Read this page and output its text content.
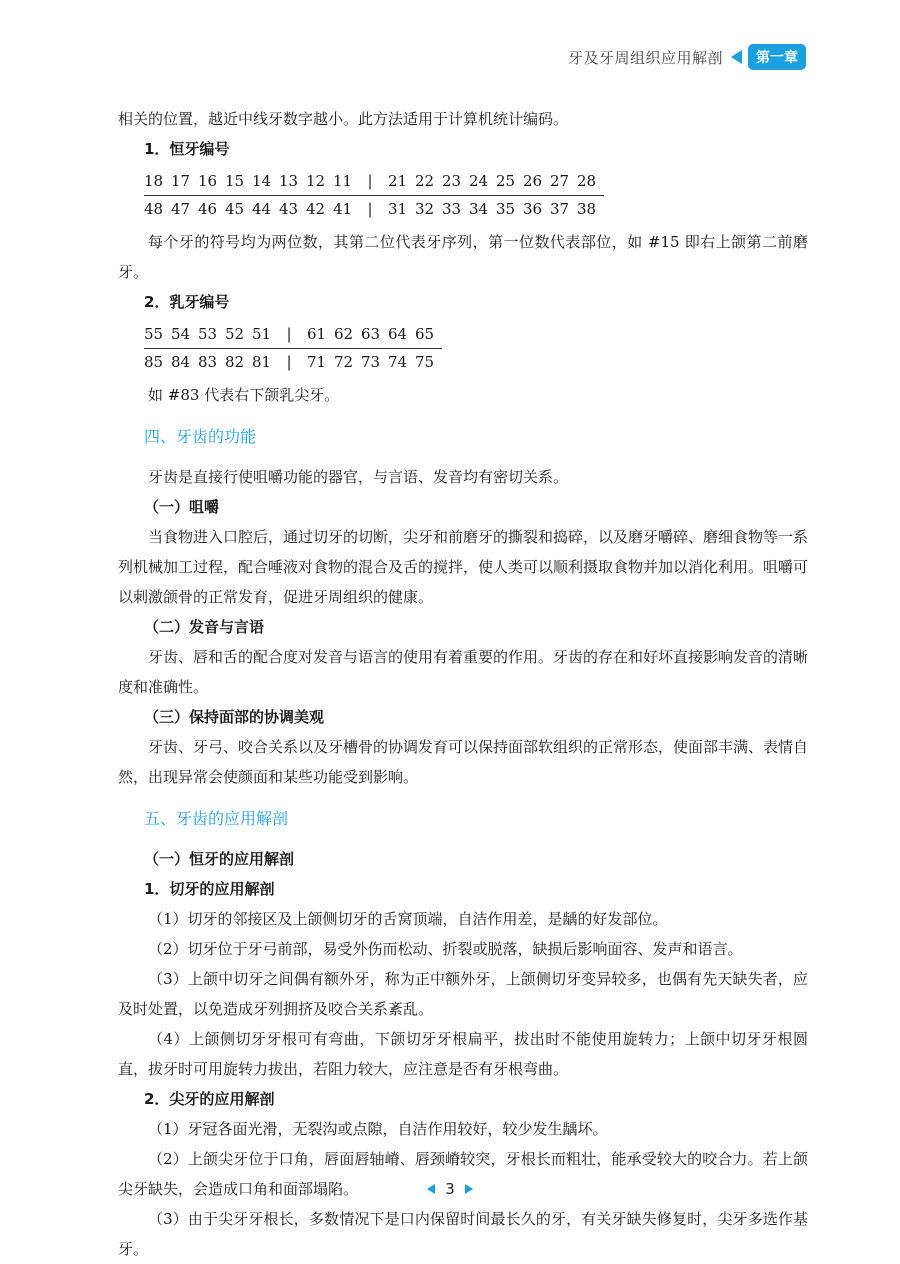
牙及牙周组织应用解剖	第一章

相关的位置，越近中线牙数字越小。此方法适用于计算机统计编码。

1．恒牙编号
18	17	16	15	14	13	12	11	|	21	22	23	24	25	26	27	28
48	47	46	45	44	43	42	41	|	31	32	33	34	35	36	37	38

每个牙的符号均为两位数，其第二位代表牙序列，第一位数代表部位，如 #15 即右上颌第二前磨牙。

2．乳牙编号
55	54	53	52	51	|	61	62	63	64	65
85	84	83	82	81	|	71	72	73	74	75

如 #83 代表右下颌乳尖牙。

四、牙齿的功能

牙齿是直接行使咀嚼功能的器官，与言语、发音均有密切关系。

（一）咀嚼

当食物进入口腔后，通过切牙的切断，尖牙和前磨牙的撕裂和捣碎，以及磨牙嚼碎、磨细食物等一系列机械加工过程，配合唾液对食物的混合及舌的搅拌，使人类可以顺利摄取食物并加以消化利用。咀嚼可以刺激颌骨的正常发育，促进牙周组织的健康。

（二）发音与言语

牙齿、唇和舌的配合度对发音与语言的使用有着重要的作用。牙齿的存在和好坏直接影响发音的清晰度和准确性。

（三）保持面部的协调美观

牙齿、牙弓、咬合关系以及牙槽骨的协调发育可以保持面部软组织的正常形态，使面部丰满、表情自然，出现异常会使颜面和某些功能受到影响。

五、牙齿的应用解剖
（一）恒牙的应用解剖
1．切牙的应用解剖

（1）切牙的邻接区及上颌侧切牙的舌窝顶端，自洁作用差，是龋的好发部位。

（2）切牙位于牙弓前部，易受外伤而松动、折裂或脱落，缺损后影响面容、发声和语言。

（3）上颌中切牙之间偶有额外牙，称为正中额外牙，上颌侧切牙变异较多，也偶有先天缺失者，应及时处置，以免造成牙列拥挤及咬合关系紊乱。

（4）上颌侧切牙牙根可有弯曲，下颌切牙牙根扁平，拔出时不能使用旋转力；上颌中切牙牙根圆直，拔牙时可用旋转力拔出，若阻力较大，应注意是否有牙根弯曲。

2．尖牙的应用解剖

（1）牙冠各面光滑，无裂沟或点隙，自洁作用较好，较少发生龋坏。

（2）上颌尖牙位于口角，唇面唇轴嵴、唇颈嵴较突，牙根长而粗壮，能承受较大的咬合力。若上颌尖牙缺失，会造成口角和面部塌陷。

（3）由于尖牙牙根长，多数情况下是口内保留时间最长久的牙，有关牙缺失修复时，尖牙多选作基牙。

3
